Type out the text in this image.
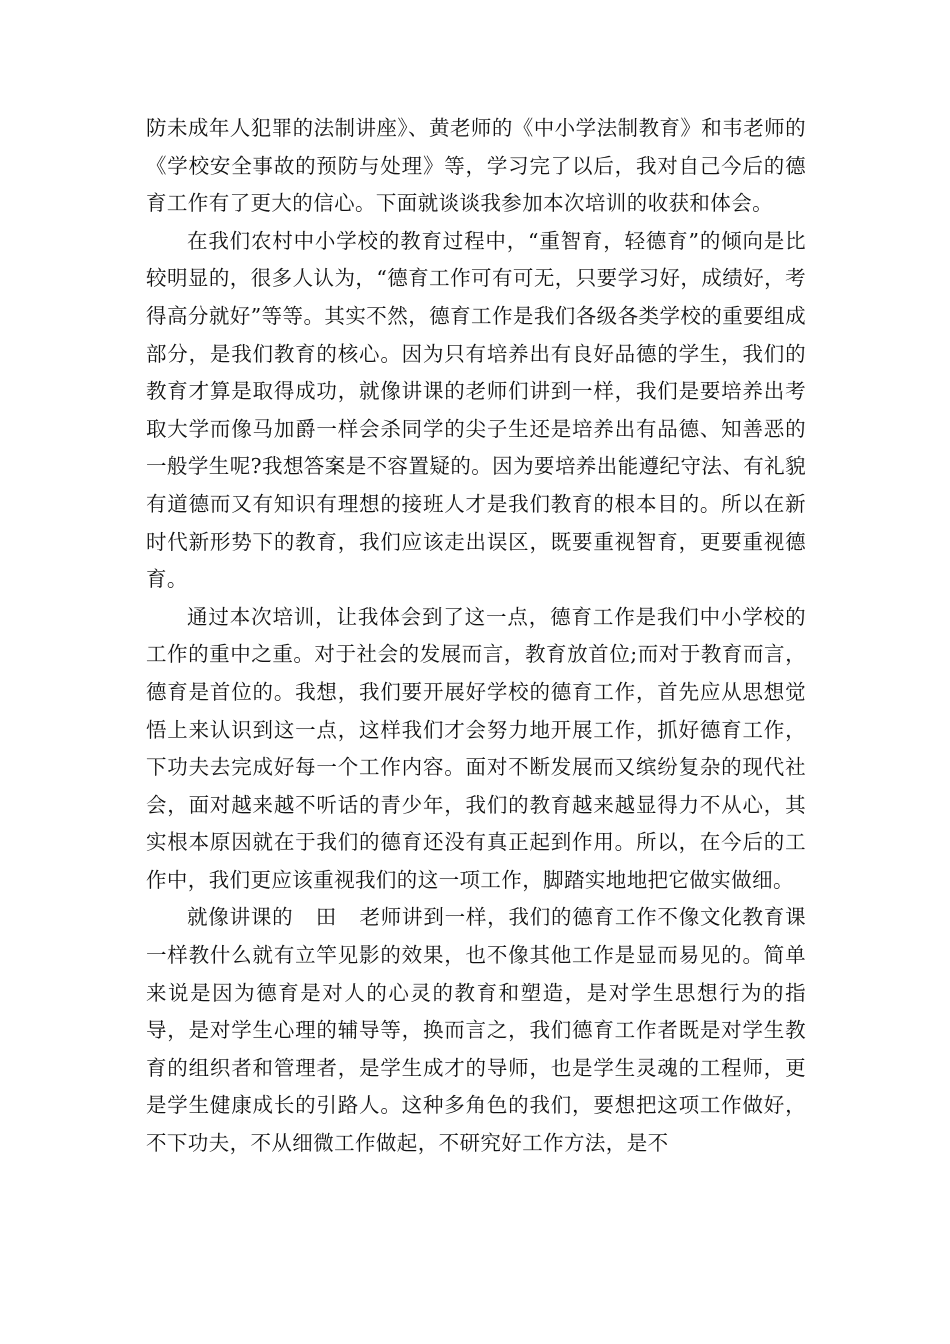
防未成年人犯罪的法制讲座》、黄老师的《中小学法制教育》和韦老师的《学校安全事故的预防与处理》等，学习完了以后，我对自己今后的德育工作有了更大的信心。下面就谈谈我参加本次培训的收获和体会。

在我们农村中小学校的教育过程中，“重智育，轻德育”的倾向是比较明显的，很多人认为，“德育工作可有可无，只要学习好，成绩好，考得高分就好”等等。其实不然，德育工作是我们各级各类学校的重要组成部分，是我们教育的核心。因为只有培养出有良好品德的学生，我们的教育才算是取得成功，就像讲课的老师们讲到一样，我们是要培养出考取大学而像马加爵一样会杀同学的尖子生还是培养出有品德、知善恶的一般学生呢?我想答案是不容置疑的。因为要培养出能遵纪守法、有礼貌有道德而又有知识有理想的接班人才是我们教育的根本目的。所以在新时代新形势下的教育，我们应该走出误区，既要重视智育，更要重视德育。

通过本次培训，让我体会到了这一点，德育工作是我们中小学校的工作的重中之重。对于社会的发展而言，教育放首位;而对于教育而言，德育是首位的。我想，我们要开展好学校的德育工作，首先应从思想觉悟上来认识到这一点，这样我们才会努力地开展工作，抓好德育工作，下功夫去完成好每一个工作内容。面对不断发展而又缤纷复杂的现代社会，面对越来越不听话的青少年，我们的教育越来越显得力不从心，其实根本原因就在于我们的德育还没有真正起到作用。所以，在今后的工作中，我们更应该重视我们的这一项工作，脚踏实地地把它做实做细。

就像讲课的 田 老师讲到一样，我们的德育工作不像文化教育课一样教什么就有立竿见影的效果，也不像其他工作是显而易见的。简单来说是因为德育是对人的心灵的教育和塑造，是对学生思想行为的指导，是对学生心理的辅导等，换而言之，我们德育工作者既是对学生教育的组织者和管理者，是学生成才的导师，也是学生灵魂的工程师，更是学生健康成长的引路人。这种多角色的我们，要想把这项工作做好，不下功夫，不从细微工作做起，不研究好工作方法，是不
